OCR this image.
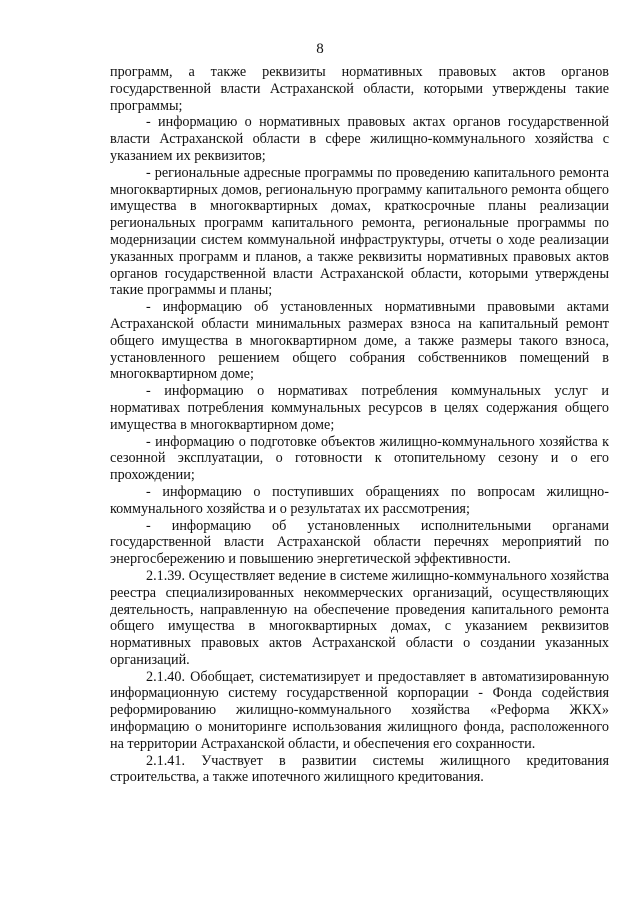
8

программ, а также реквизиты нормативных правовых актов органов государственной власти Астраханской области, которыми утверждены такие программы;

- информацию о нормативных правовых актах органов государственной власти Астраханской области в сфере жилищно-коммунального хозяйства с указанием их реквизитов;

- региональные адресные программы по проведению капитального ремонта многоквартирных домов, региональную программу капитального ремонта общего имущества в многоквартирных домах, краткосрочные планы реализации региональных программ капитального ремонта, региональные программы по модернизации систем коммунальной инфраструктуры, отчеты о ходе реализации указанных программ и планов, а также реквизиты нормативных правовых актов органов государственной власти Астраханской области, которыми утверждены такие программы и планы;

- информацию об установленных нормативными правовыми актами Астраханской области минимальных размерах взноса на капитальный ремонт общего имущества в многоквартирном доме, а также размеры такого взноса, установленного решением общего собрания собственников помещений в многоквартирном доме;

- информацию о нормативах потребления коммунальных услуг и нормативах потребления коммунальных ресурсов в целях содержания общего имущества в многоквартирном доме;

- информацию о подготовке объектов жилищно-коммунального хозяйства к сезонной эксплуатации, о готовности к отопительному сезону и о его прохождении;

- информацию о поступивших обращениях по вопросам жилищно-коммунального хозяйства и о результатах их рассмотрения;

- информацию об установленных исполнительными органами государственной власти Астраханской области перечнях мероприятий по энергосбережению и повышению энергетической эффективности.

2.1.39. Осуществляет ведение в системе жилищно-коммунального хозяйства реестра специализированных некоммерческих организаций, осуществляющих деятельность, направленную на обеспечение проведения капитального ремонта общего имущества в многоквартирных домах, с указанием реквизитов нормативных правовых актов Астраханской области о создании указанных организаций.

2.1.40. Обобщает, систематизирует и предоставляет в автоматизированную информационную систему государственной корпорации - Фонда содействия реформированию жилищно-коммунального хозяйства «Реформа ЖКХ» информацию о мониторинге использования жилищного фонда, расположенного на территории Астраханской области, и обеспечения его сохранности.

2.1.41. Участвует в развитии системы жилищного кредитования строительства, а также ипотечного жилищного кредитования.
